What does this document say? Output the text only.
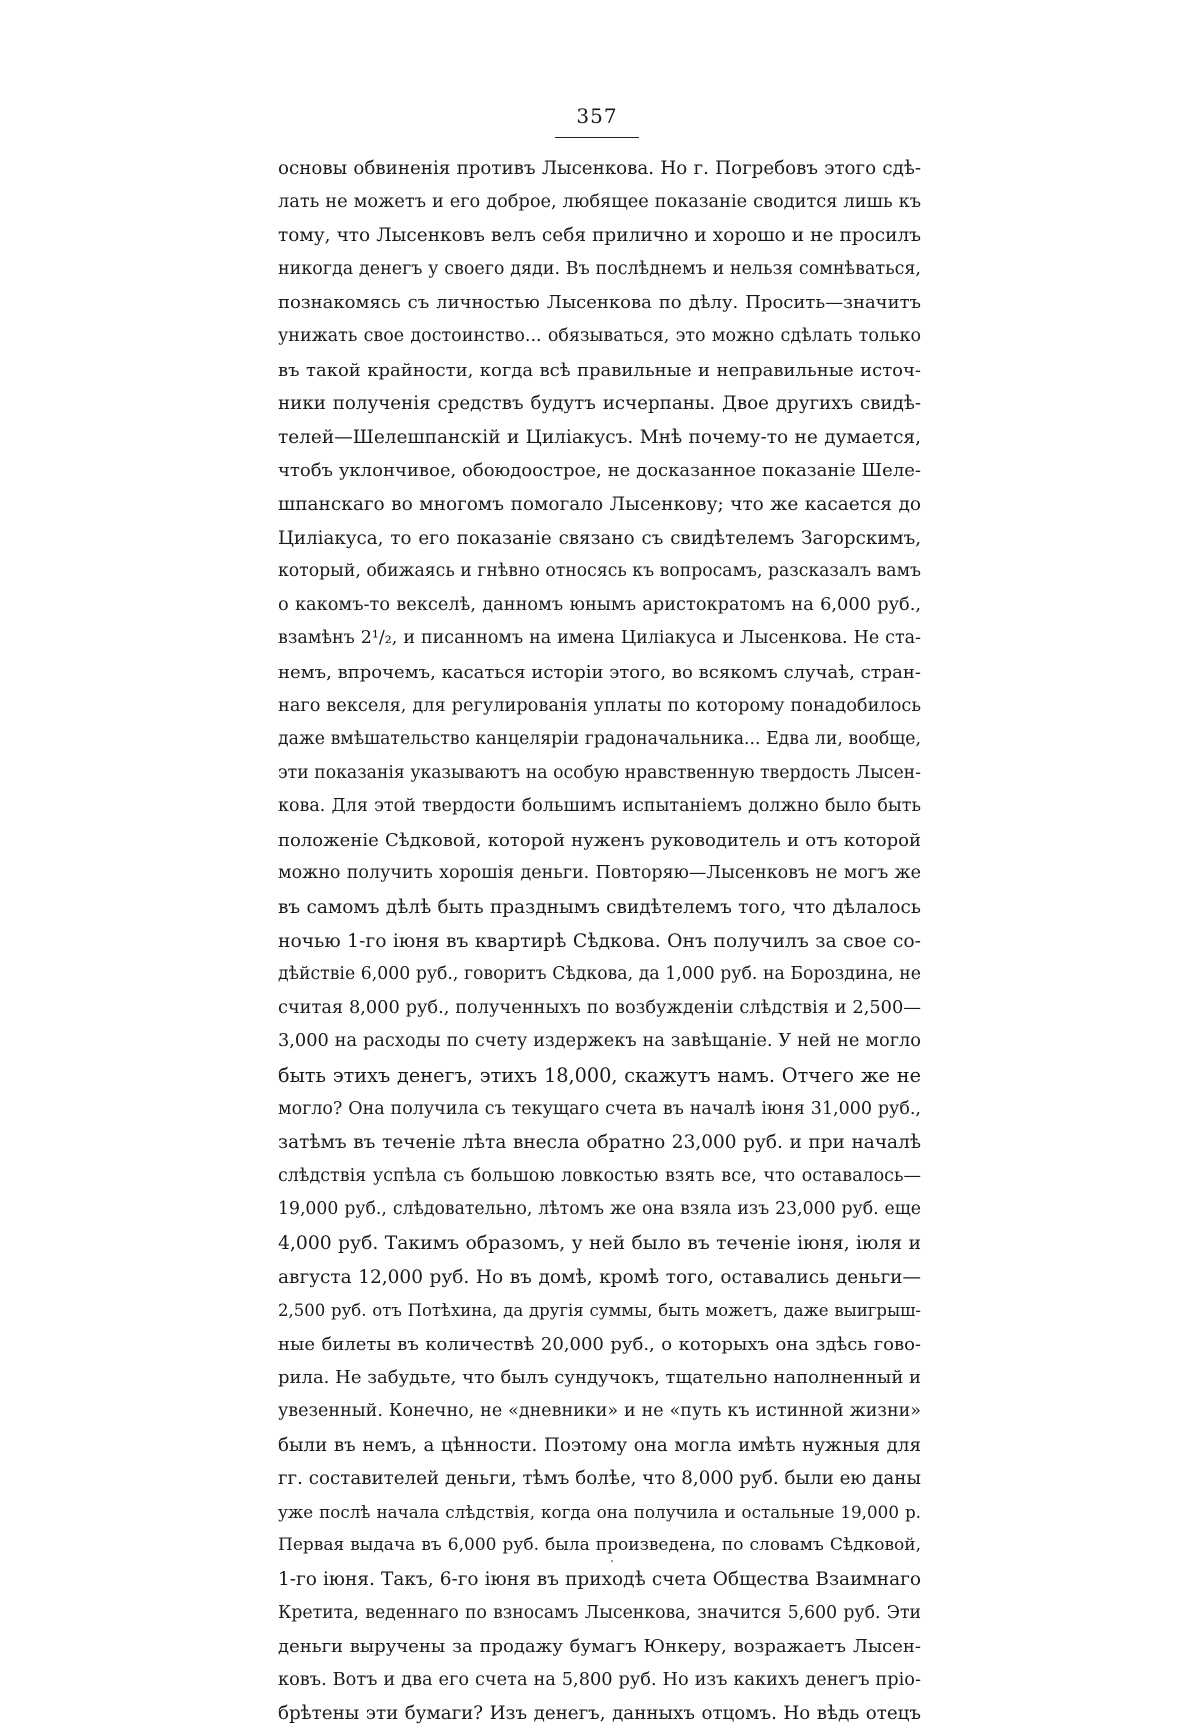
357
основы обвиненія противъ Лысенкова. Но г. Погребовъ этого сдѣ-
лать не можетъ и его доброе, любящее показаніе сводится лишь къ
тому, что Лысенковъ велъ себя прилично и хорошо и не просилъ
никогда денегъ у своего дяди. Въ послѣднемъ и нельзя сомнѣваться,
познакомясь съ личностью Лысенкова по дѣлу. Просить—значитъ
унижать свое достоинство... обязываться, это можно сдѣлать только
въ такой крайности, когда всѣ правильные и неправильные источ-
ники полученія средствъ будутъ исчерпаны. Двое другихъ свидѣ-
телей—Шелешпанскій и Циліакусъ. Мнѣ почему-то не думается,
чтобъ уклончивое, обоюдоострое, не досказанное показаніе Шеле-
шпанскаго во многомъ помогало Лысенкову; что же касается до
Циліакуса, то его показаніе связано съ свидѣтелемъ Загорскимъ,
который, обижаясь и гнѣвно относясь къ вопросамъ, разсказалъ вамъ
о какомъ-то векселѣ, данномъ юнымъ аристократомъ на 6,000 руб.,
взамѣнъ 2¹/₂, и писанномъ на имена Циліакуса и Лысенкова. Не ста-
немъ, впрочемъ, касаться исторіи этого, во всякомъ случаѣ, стран-
наго векселя, для регулированія уплаты по которому понадобилось
даже вмѣшательство канцеляріи градоначальника... Едва ли, вообще,
эти показанія указываютъ на особую нравственную твердость Лысен-
кова. Для этой твердости большимъ испытаніемъ должно было быть
положеніе Сѣдковой, которой нуженъ руководитель и отъ которой
можно получить хорошія деньги. Повторяю—Лысенковъ не могъ же
въ самомъ дѣлѣ быть празднымъ свидѣтелемъ того, что дѣлалось
ночью 1-го іюня въ квартирѣ Сѣдкова. Онъ получилъ за свое со-
дѣйствіе 6,000 руб., говоритъ Сѣдкова, да 1,000 руб. на Бороздина, не
считая 8,000 руб., полученныхъ по возбужденіи слѣдствія и 2,500—
3,000 на расходы по счету издержекъ на завѣщаніе. У ней не могло
быть этихъ денегъ, этихъ 18,000, скажутъ намъ. Отчего же не
могло? Она получила съ текущаго счета въ началѣ іюня 31,000 руб.,
затѣмъ въ теченіе лѣта внесла обратно 23,000 руб. и при началѣ
слѣдствія успѣла съ большою ловкостью взять все, что оставалось—
19,000 руб., слѣдовательно, лѣтомъ же она взяла изъ 23,000 руб. еще
4,000 руб. Такимъ образомъ, у ней было въ теченіе іюня, іюля и
августа 12,000 руб. Но въ домѣ, кромѣ того, оставались деньги—
2,500 руб. отъ Потѣхина, да другія суммы, быть можетъ, даже выигрыш-
ные билеты въ количествѣ 20,000 руб., о которыхъ она здѣсь гово-
рила. Не забудьте, что былъ сундучокъ, тщательно наполненный и
увезенный. Конечно, не «дневники» и не «путь къ истинной жизни»
были въ немъ, а цѣнности. Поэтому она могла имѣть нужныя для
гг. составителей деньги, тѣмъ болѣе, что 8,000 руб. были ею даны
уже послѣ начала слѣдствія, когда она получила и остальные 19,000 р.
Первая выдача въ 6,000 руб. была произведена, по словамъ Сѣдковой,
1-го іюня. Такъ, 6-го іюня въ приходѣ счета Общества Взаимнаго
Кретита, веденнаго по взносамъ Лысенкова, значится 5,600 руб. Эти
деньги выручены за продажу бумагъ Юнкеру, возражаетъ Лысен-
ковъ. Вотъ и два его счета на 5,800 руб. Но изъ какихъ денегъ пріо-
брѣтены эти бумаги? Изъ денегъ, данныхъ отцомъ. Но вѣдь отецъ
